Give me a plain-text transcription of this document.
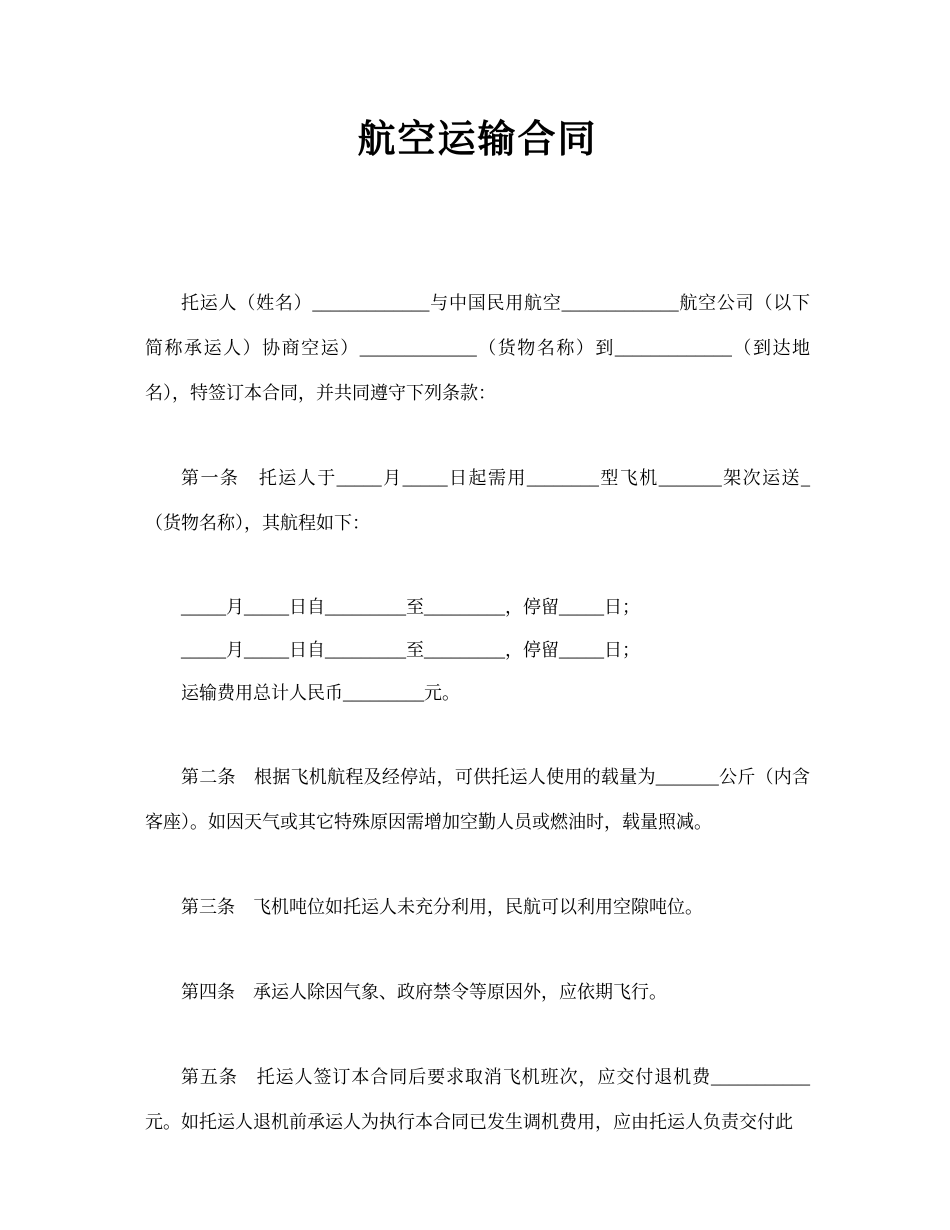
航空运输合同

托运人（姓名）_____________与中国民用航空_____________航空公司（以下简称承运人）协商空运）_____________（货物名称）到_____________（到达地名），特签订本合同，并共同遵守下列条款：

第一条　托运人于_____月_____日起需用________型飞机_______架次运送_（货物名称），其航程如下：

_____月_____日自_________至_________，停留_____日；

_____月_____日自_________至_________，停留_____日；

运输费用总计人民币_________元。

第二条　根据飞机航程及经停站，可供托运人使用的载量为_______公斤（内含客座）。如因天气或其它特殊原因需增加空勤人员或燃油时，载量照减。

第三条　飞机吨位如托运人未充分利用，民航可以利用空隙吨位。

第四条　承运人除因气象、政府禁令等原因外，应依期飞行。

第五条　托运人签订本合同后要求取消飞机班次，应交付退机费___________元。如托运人退机前承运人为执行本合同已发生调机费用，应由托运人负责交付此
